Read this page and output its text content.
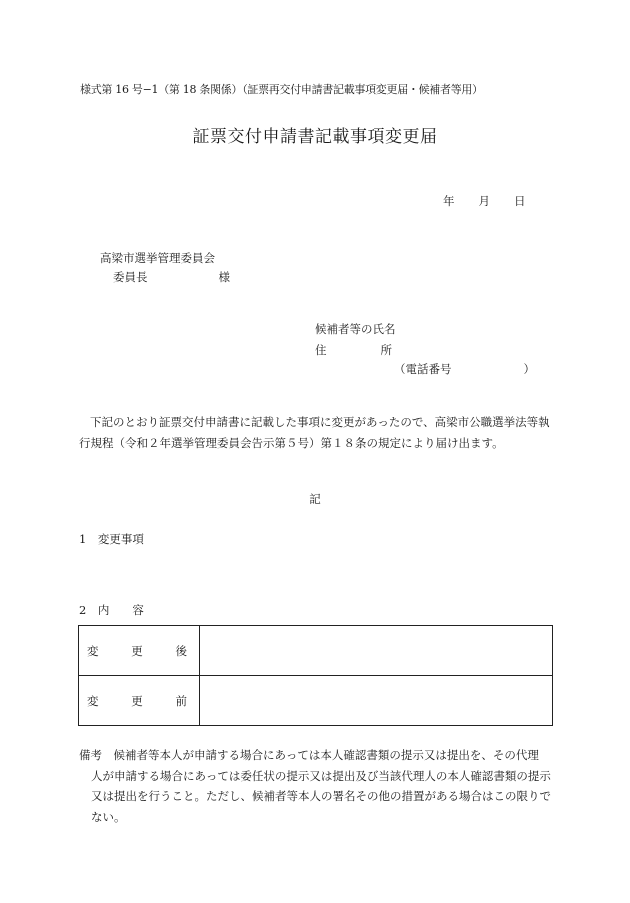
様式第 16 号−1（第 18 条関係）（証票再交付申請書記載事項変更届・候補者等用）
証票交付申請書記載事項変更届
年 月 日
高梁市選挙管理委員会
委員長	様
候補者等の氏名
住	所
（電話番号	）
下記のとおり証票交付申請書に記載した事項に変更があったので、高梁市公職選挙法等執行規程（令和２年選挙管理委員会告示第５号）第１８条の規定により届け出ます。
記
1　変更事項
2　内　　容
変 更 後	

変 更 前	

備考　候補者等本人が申請する場合にあっては本人確認書類の提示又は提出を、その代理
人が申請する場合にあっては委任状の提示又は提出及び当該代理人の本人確認書類の提示又は提出を行うこと。ただし、候補者等本人の署名その他の措置がある場合はこの限りでない。
